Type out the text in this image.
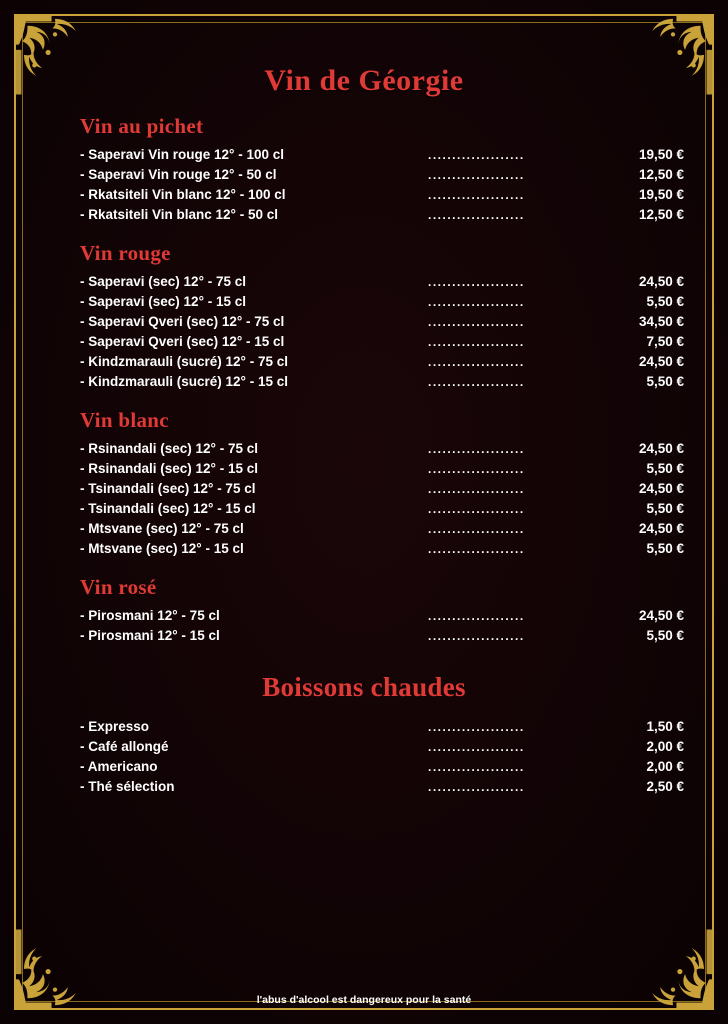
Vin de Géorgie
Vin au pichet
- Saperavi Vin rouge 12° - 100 cl	....................	19,50 €
- Saperavi Vin rouge 12° - 50 cl	....................	12,50 €
- Rkatsiteli Vin blanc 12° - 100 cl	....................	19,50 €
- Rkatsiteli Vin blanc 12° - 50 cl	....................	12,50 €
Vin rouge
- Saperavi (sec) 12° - 75 cl	....................	24,50 €
- Saperavi (sec) 12° - 15 cl	....................	5,50 €
- Saperavi Qveri (sec) 12° - 75 cl	....................	34,50 €
- Saperavi Qveri (sec) 12° - 15 cl	....................	7,50 €
- Kindzmarauli (sucré) 12° - 75 cl	....................	24,50 €
- Kindzmarauli (sucré) 12° - 15 cl	....................	5,50 €
Vin blanc
- Rsinandali (sec) 12° - 75 cl	....................	24,50 €
- Rsinandali (sec) 12° - 15 cl	....................	5,50 €
- Tsinandali (sec) 12° - 75 cl	....................	24,50 €
- Tsinandali (sec) 12° - 15 cl	....................	5,50 €
- Mtsvane (sec) 12° - 75 cl	....................	24,50 €
- Mtsvane (sec) 12° - 15 cl	....................	5,50 €
Vin rosé
- Pirosmani 12° - 75 cl	....................	24,50 €
- Pirosmani 12° - 15 cl	....................	5,50 €
Boissons chaudes
- Expresso	....................	1,50 €
- Café allongé	....................	2,00 €
- Americano	....................	2,00 €
- Thé sélection	....................	2,50 €
l'abus d'alcool est dangereux pour la santé
